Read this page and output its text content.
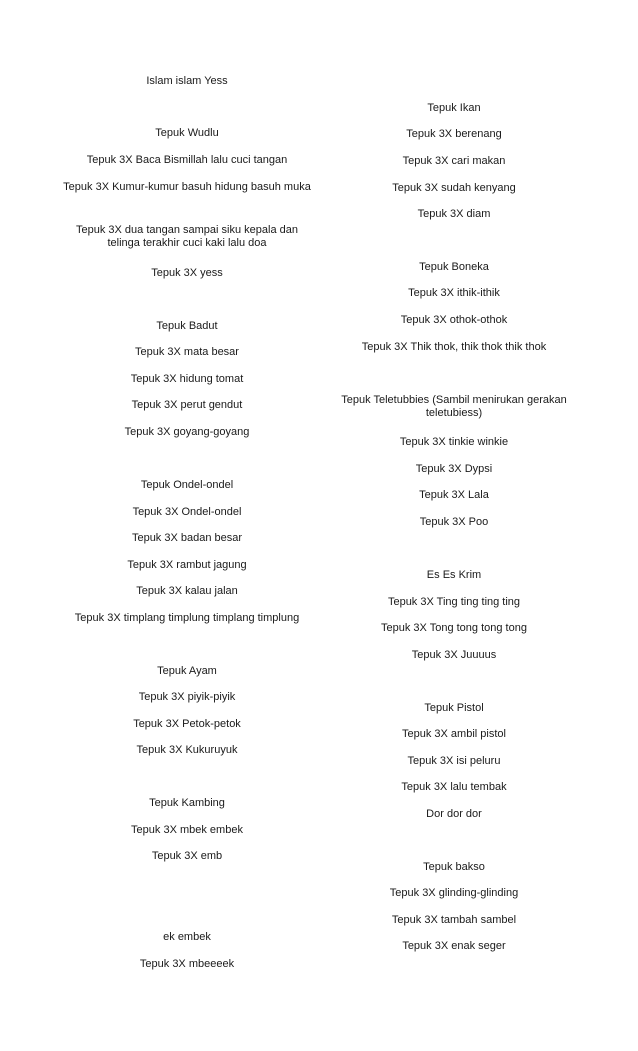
Islam islam Yess
Tepuk Wudlu
Tepuk 3X Baca Bismillah lalu cuci tangan
Tepuk 3X Kumur-kumur basuh hidung basuh muka
Tepuk 3X dua tangan sampai siku kepala dan telinga terakhir cuci kaki lalu doa
Tepuk 3X yess
Tepuk Badut
Tepuk 3X mata besar
Tepuk 3X hidung tomat
Tepuk 3X perut gendut
Tepuk 3X goyang-goyang
Tepuk Ondel-ondel
Tepuk 3X Ondel-ondel
Tepuk 3X badan besar
Tepuk 3X rambut jagung
Tepuk 3X kalau jalan
Tepuk 3X timplang timplung timplang timplung
Tepuk Ayam
Tepuk 3X piyik-piyik
Tepuk 3X Petok-petok
Tepuk 3X Kukuruyuk
Tepuk Kambing
Tepuk 3X mbek embek
Tepuk 3X emb
ek embek
Tepuk 3X mbeeeek
Tepuk Ikan
Tepuk 3X berenang
Tepuk 3X cari makan
Tepuk 3X sudah kenyang
Tepuk 3X diam
Tepuk Boneka
Tepuk 3X ithik-ithik
Tepuk 3X othok-othok
Tepuk 3X Thik thok, thik thok thik thok
Tepuk Teletubbies (Sambil menirukan gerakan teletubiess)
Tepuk 3X tinkie winkie
Tepuk 3X Dypsi
Tepuk 3X Lala
Tepuk 3X Poo
Es Es Krim
Tepuk 3X Ting ting ting ting
Tepuk 3X Tong tong tong tong
Tepuk 3X Juuuus
Tepuk Pistol
Tepuk 3X ambil pistol
Tepuk 3X isi peluru
Tepuk 3X lalu tembak
Dor dor dor
Tepuk bakso
Tepuk 3X glinding-glinding
Tepuk 3X tambah sambel
Tepuk 3X enak seger
